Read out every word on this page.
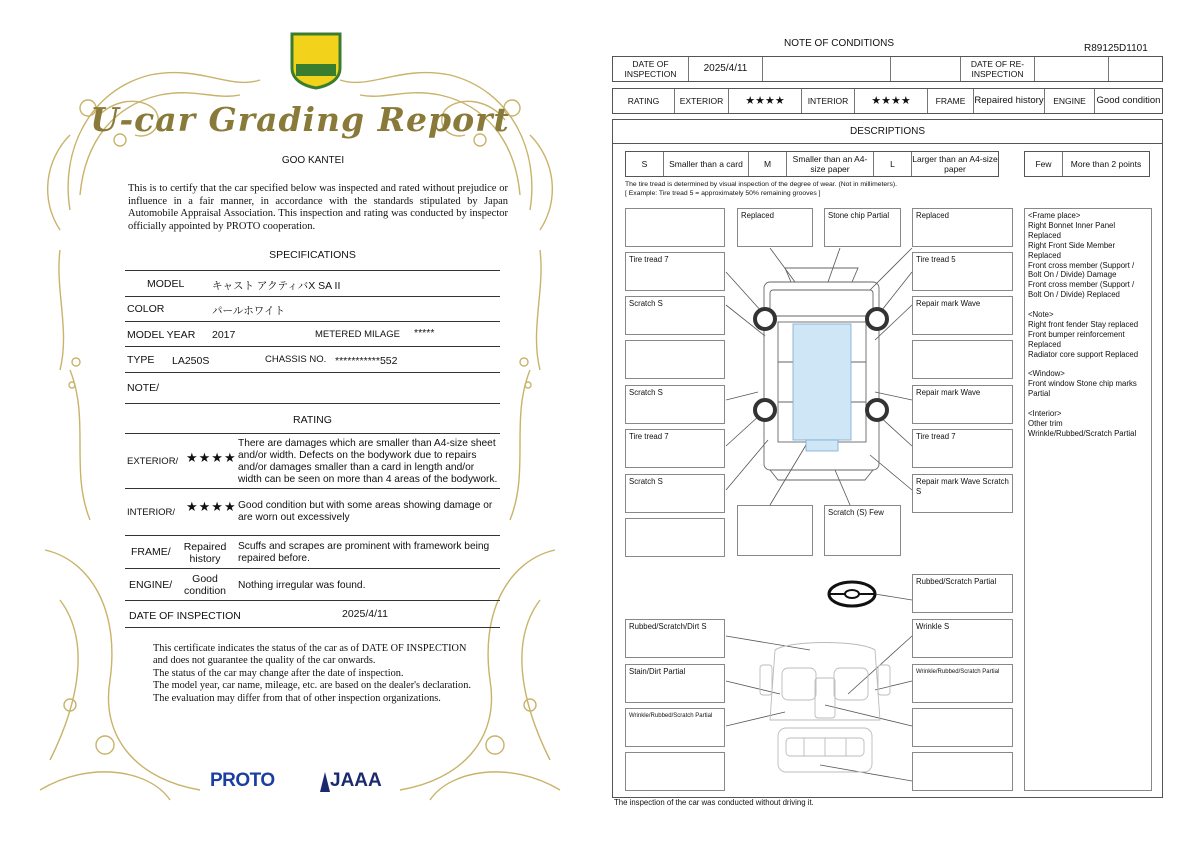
U-car Grading Report
GOO KANTEI
This is to certify that the car specified below was inspected and rated without prejudice or influence in a fair manner, in accordance with the standards stipulated by Japan Automobile Appraisal Association. This inspection and rating was conducted by inspector officially appointed by PROTO cooperation.
SPECIFICATIONS
MODEL	キャスト アクティバX SA II
COLOR	パールホワイト
MODEL YEAR 2017	METERED MILAGE *****
TYPE LA250S	CHASSIS NO. ***********552
NOTE/
RATING
EXTERIOR/ ★★★★
There are damages which are smaller than A4-size sheet and/or width. Defects on the bodywork due to repairs and/or damages smaller than a card in length and/or width can be seen on more than 4 areas of the bodywork.
INTERIOR/ ★★★★ Good condition but with some areas showing damage or are worn out excessively
FRAME/	Repaired history
Scuffs and scrapes are prominent with framework being repaired before.
ENGINE/	Good condition	Nothing irregular was found.
DATE OF INSPECTION	2025/4/11
This certificate indicates the status of the car as of DATE OF INSPECTION and does not guarantee the quality of the car onwards.
The status of the car may change after the date of inspection.
The model year, car name, mileage, etc. are based on the dealer's declaration.
The evaluation may differ from that of other inspection organizations.
PROTO	JAAA
NOTE OF CONDITIONS	R89125D1101
DATE OF INSPECTION	2025/4/11	DATE OF RE-INSPECTION
RATING	EXTERIOR	★★★★	INTERIOR	★★★★	FRAME Repaired history	ENGINE	Good condition
DESCRIPTIONS
S	Smaller than a card	M	Smaller than an A4-size paper	L	Larger than an A4-size paper	Few	More than 2 points
The tire tread is determined by visual inspection of the degree of wear. (Not in millimeters).
[ Example: Tire tread 5 = approximately 50% remaining grooves ]
Replaced	Stone chip Partial	Replaced
Tire tread 7	Tire tread 5
Scratch S	Repair mark Wave
Scratch S	Repair mark Wave
Tire tread 7	Tire tread 7
Scratch S	Repair mark Wave Scratch S
Scratch (S) Few
Rubbed/Scratch Partial
Rubbed/Scratch/Dirt S	Wrinkle S
Stain/Dirt Partial	Wrinkle/Rubbed/Scratch Partial
Wrinkle/Rubbed/Scratch Partial
<Frame place>
Right Bonnet Inner Panel Replaced
Right Front Side Member Replaced
Front cross member (Support / Bolt On / Divide) Damage
Front cross member (Support / Bolt On / Divide) Replaced
<Note>
Right front fender Stay replaced
Front bumper reinforcement Replaced
Radiator core support Replaced
<Window>
Front window Stone chip marks Partial
<Interior>
Other trim
Wrinkle/Rubbed/Scratch Partial
The inspection of the car was conducted without driving it.
